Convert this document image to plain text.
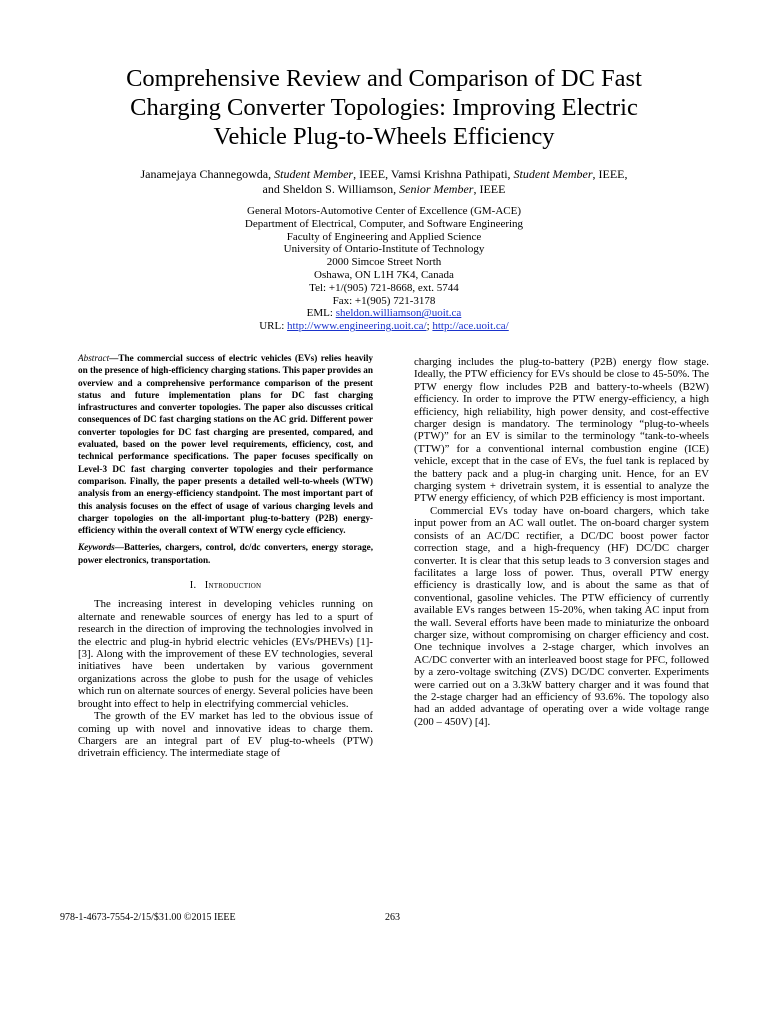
Comprehensive Review and Comparison of DC Fast
Charging Converter Topologies: Improving Electric
Vehicle Plug-to-Wheels Efficiency
Janamejaya Channegowda, Student Member, IEEE, Vamsi Krishna Pathipati, Student Member, IEEE,
and Sheldon S. Williamson, Senior Member, IEEE
General Motors-Automotive Center of Excellence (GM-ACE)
Department of Electrical, Computer, and Software Engineering
Faculty of Engineering and Applied Science
University of Ontario-Institute of Technology
2000 Simcoe Street North
Oshawa, ON L1H 7K4, Canada
Tel: +1/(905) 721-8668, ext. 5744
Fax: +1(905) 721-3178
EML: sheldon.williamson@uoit.ca
URL: http://www.engineering.uoit.ca/; http://ace.uoit.ca/

Abstract—The commercial success of electric vehicles (EVs) relies heavily on the presence of high-efficiency charging stations. This paper provides an overview and a comprehensive performance comparison of the present status and future implementation plans for DC fast charging infrastructures and converter topologies. The paper also discusses critical consequences of DC fast charging stations on the AC grid. Different power converter topologies for DC fast charging are presented, compared, and evaluated, based on the power level requirements, efficiency, cost, and technical performance specifications. The paper focuses specifically on Level-3 DC fast charging converter topologies and their performance comparison. Finally, the paper presents a detailed well-to-wheels (WTW) analysis from an energy-efficiency standpoint. The most important part of this analysis focuses on the effect of usage of various charging levels and charger topologies on the all-important plug-to-battery (P2B) energy-efficiency within the overall context of WTW energy cycle efficiency.

Keywords—Batteries, chargers, control, dc/dc converters, energy storage, power electronics, transportation.

I. Introduction

The increasing interest in developing vehicles running on alternate and renewable sources of energy has led to a spurt of research in the direction of improving the technologies involved in the electric and plug-in hybrid electric vehicles (EVs/PHEVs) [1]-[3]. Along with the improvement of these EV technologies, several initiatives have been undertaken by various government organizations across the globe to push for the usage of vehicles which run on alternate sources of energy. Several policies have been brought into effect to help in electrifying commercial vehicles.

The growth of the EV market has led to the obvious issue of coming up with novel and innovative ideas to charge them. Chargers are an integral part of EV plug-to-wheels (PTW) drivetrain efficiency. The intermediate stage of

charging includes the plug-to-battery (P2B) energy flow stage. Ideally, the PTW efficiency for EVs should be close to 45-50%. The PTW energy flow includes P2B and battery-to-wheels (B2W) efficiency. In order to improve the PTW energy-efficiency, a high efficiency, high reliability, high power density, and cost-effective charger design is mandatory. The terminology “plug-to-wheels (PTW)” for an EV is similar to the terminology “tank-to-wheels (TTW)” for a conventional internal combustion engine (ICE) vehicle, except that in the case of EVs, the fuel tank is replaced by the battery pack and a plug-in charging unit. Hence, for an EV charging system + drivetrain system, it is essential to analyze the PTW energy efficiency, of which P2B efficiency is most important.

Commercial EVs today have on-board chargers, which take input power from an AC wall outlet. The on-board charger system consists of an AC/DC rectifier, a DC/DC boost power factor correction stage, and a high-frequency (HF) DC/DC charger converter. It is clear that this setup leads to 3 conversion stages and facilitates a large loss of power. Thus, overall PTW energy efficiency is drastically low, and is about the same as that of conventional, gasoline vehicles. The PTW efficiency of currently available EVs ranges between 15-20%, when taking AC input from the wall. Several efforts have been made to miniaturize the onboard charger size, without compromising on charger efficiency and cost. One technique involves a 2-stage charger, which involves an AC/DC converter with an interleaved boost stage for PFC, followed by a zero-voltage switching (ZVS) DC/DC converter. Experiments were carried out on a 3.3kW battery charger and it was found that the 2-stage charger had an efficiency of 93.6%. The topology also had an added advantage of operating over a wide voltage range (200 – 450V) [4].

978-1-4673-7554-2/15/$31.00 ©2015 IEEE	263
